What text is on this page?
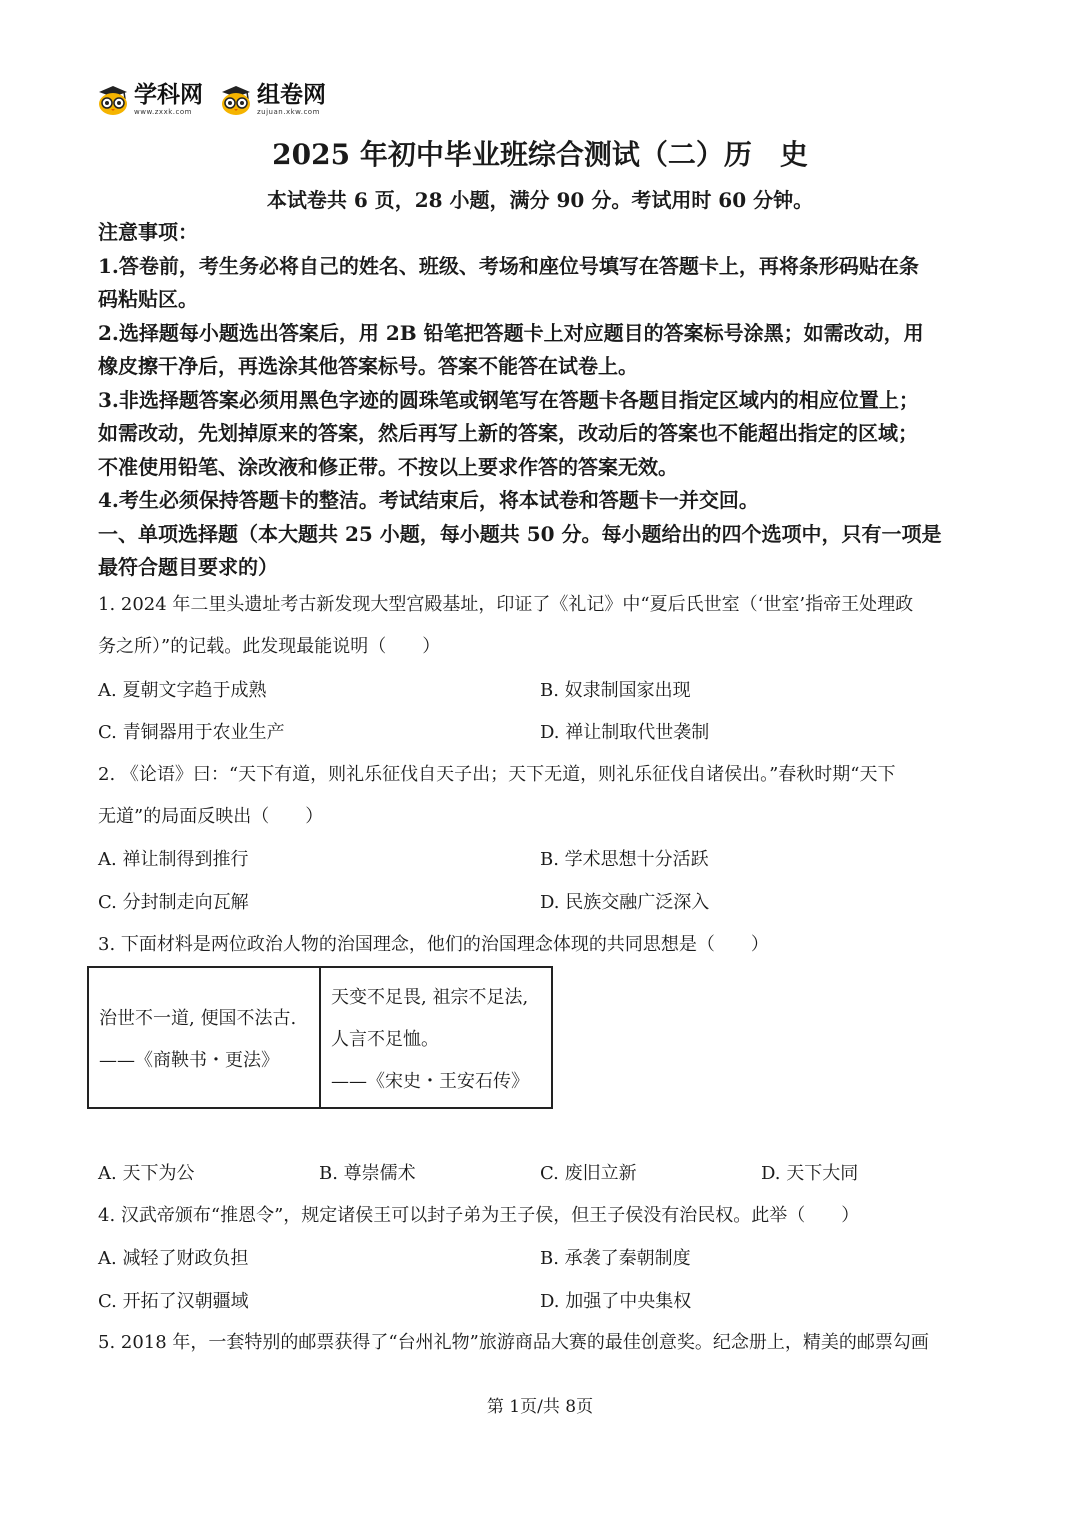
学科网
www.zxxk.com
组卷网
zujuan.xkw.com
2025 年初中毕业班综合测试（二）历　史
本试卷共 6 页，28 小题，满分 90 分。考试用时 60 分钟。

注意事项：

1.答卷前，考生务必将自己的姓名、班级、考场和座位号填写在答题卡上，再将条形码贴在条

码粘贴区。

2.选择题每小题选出答案后，用 2B 铅笔把答题卡上对应题目的答案标号涂黑；如需改动，用

橡皮擦干净后，再选涂其他答案标号。答案不能答在试卷上。

3.非选择题答案必须用黑色字迹的圆珠笔或钢笔写在答题卡各题目指定区域内的相应位置上；

如需改动，先划掉原来的答案，然后再写上新的答案，改动后的答案也不能超出指定的区域；

不准使用铅笔、涂改液和修正带。不按以上要求作答的答案无效。

4.考生必须保持答题卡的整洁。考试结束后，将本试卷和答题卡一并交回。

一、单项选择题（本大题共 25 小题，每小题共 50 分。每小题给出的四个选项中，只有一项是

最符合题目要求的）

1. 2024 年二里头遗址考古新发现大型宫殿基址，印证了《礼记》中“夏后氏世室（‘世室’指帝王处理政
务之所）”的记载。此发现最能说明（　　）
A. 夏朝文字趋于成熟	B. 奴隶制国家出现
C. 青铜器用于农业生产	D. 禅让制取代世袭制
2. 《论语》曰：“天下有道，则礼乐征伐自天子出；天下无道，则礼乐征伐自诸侯出。”春秋时期“天下
无道”的局面反映出（　　）
A. 禅让制得到推行	B. 学术思想十分活跃
C. 分封制走向瓦解	D. 民族交融广泛深入
3. 下面材料是两位政治人物的治国理念，他们的治国理念体现的共同思想是（　　）
治世不一道, 便国不法古.
——《商鞅书・更法》
天变不足畏, 祖宗不足法,
人言不足恤。
——《宋史・王安石传》
A. 天下为公	B. 尊崇儒术	C. 废旧立新	D. 天下大同
4. 汉武帝颁布“推恩令”，规定诸侯王可以封子弟为王子侯，但王子侯没有治民权。此举（　　）
A. 减轻了财政负担	B. 承袭了秦朝制度
C. 开拓了汉朝疆域	D. 加强了中央集权
5. 2018 年，一套特别的邮票获得了“台州礼物”旅游商品大赛的最佳创意奖。纪念册上，精美的邮票勾画
第 1页/共 8页
